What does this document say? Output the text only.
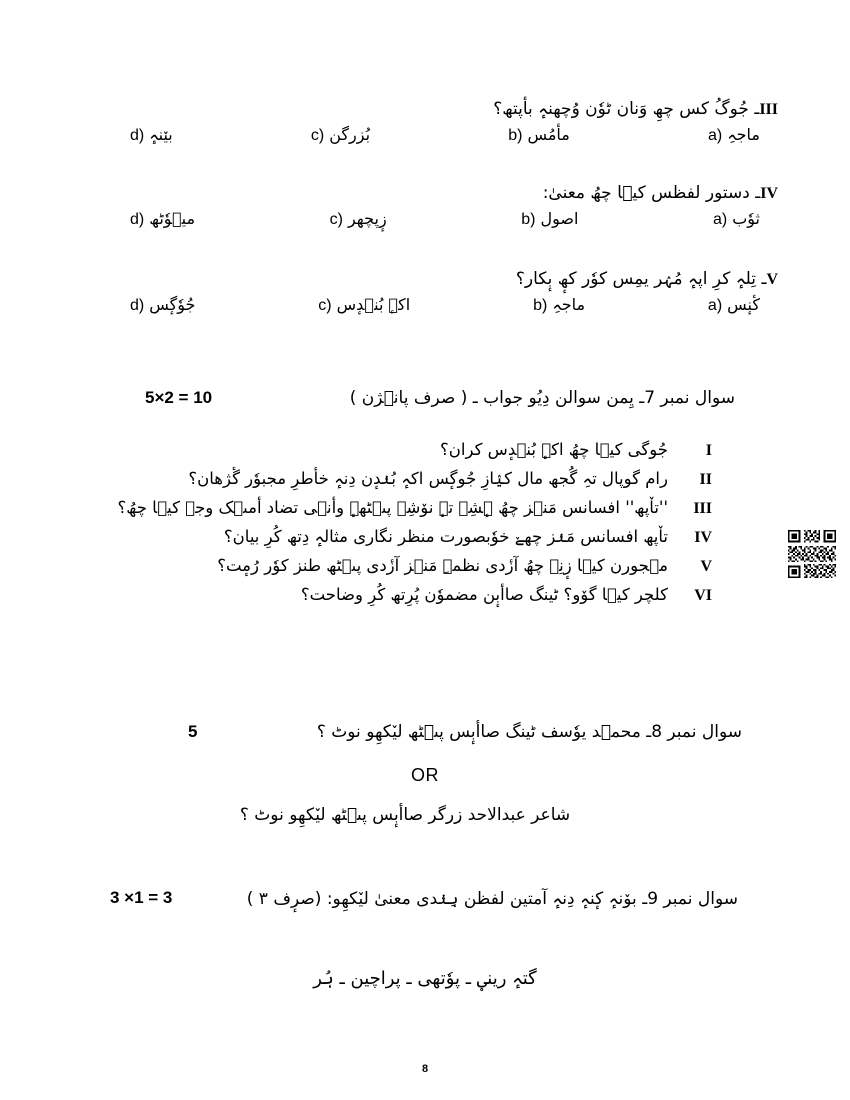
IIIـ جُوگُ کس چھِ وَنان ٹوٗن وُچھنہٕ بأپتھ؟
a) ماجہِ
b) مأمُس
c) بُزرگن
d) بێنہٕ
IVـ دستور لفظس کیٛا چھُ معنیٰ:
a) ثوٗب
b) اصول
c) زٕپچھر
d) میٛوٗٹھ
Vـ تِلہٕ کرِ اپہٕ مُہٛر یمِس کوٗر کھٕ بٕکار؟
a) کٔنٕس
b) ماجہِ
c) اکہٕ بُنٛدٕس
d) جُوٗگٕس
5×2 = 10	سوال نمبر 7ـ یِمن سوالن دِیُو جواب ـ ( صرف پانٛژن )
I
جُوگی کیٛا چھُ اکہٕ بُنٛدٕس کران؟
II
رام گوپال تہِ گُجھ مال کیٛازِ جُوگٕس اکہٕ بُنٛدٕن دِنہٕ خأطرِ مجبوٗر گٔژھان؟
III
''تاٚپھ'' افسانس مَنٛز چھُ ہٕشِہ تہٕ نوٚشِہ پٮ۪ٹھہٕ وأنٛی تضاد أمٮ۪ک وجہ کیٛا چھُ؟
IV
تاٚپھ افسانس مَنٛز چھےٚ خوٗبصورت منظر نگاری مثالہٕ دِتھ کُرِ بیان؟
V
مہجورن کیٛا زٕنِہ چھُ آزٔدی نظمہِ مَنٛز آزٔدی پٮ۪ٹھ طنز کوٗر رُمٕت؟
VI
کلچر کیٛا گوٚو؟ ٹینگ صاأبٕن مضموٗن پُرِتھ کُرِ وضاحت؟
5	سوال نمبر 8ـ محمٛد یوٗسف ٹینگ صاأبٕس پٮ۪ٹھ لیٚکھِو نوٹ ؟
OR
شاعر عبدالاحد زرگر صاأبٕس پٮ۪ٹھ لیٚکھِو نوٹ ؟
3 ×1 = 3	سوال نمبر 9ـ بوٚنہٕ کٕنہٕ دِنہٕ آمتین لفظن ہِنٛدی معنیٰ لیٚکھِو: (صرٕف ۳ )
گتہٕ رینؠ ـ پوٗتھی ـ پراچین ـ ہُر
8
